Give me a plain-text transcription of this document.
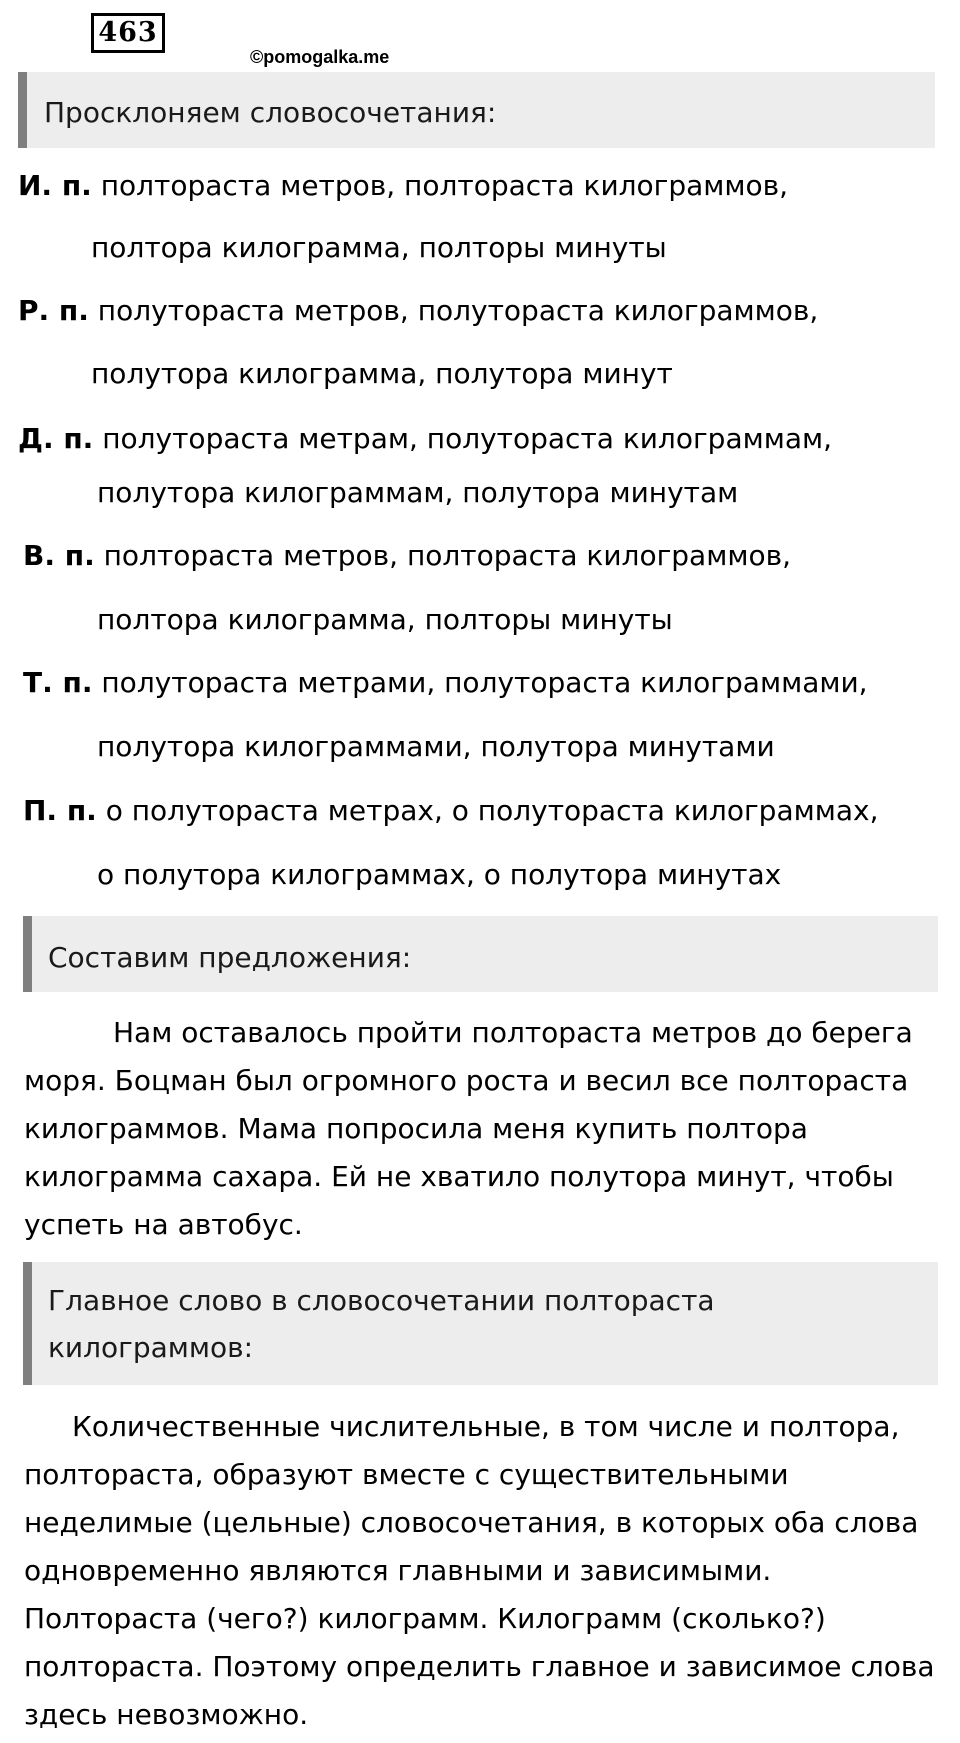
463
©pomogalka.me
Просклоняем словосочетания:
И. п. полтораста метров, полтораста килограммов,
полтора килограмма, полторы минуты
Р. п. полутораста метров, полутораста килограммов,
полутора килограмма, полутора минут
Д. п. полутораста метрам, полутораста килограммам,
полутора килограммам, полутора минутам
В. п. полтораста метров, полтораста килограммов,
полтора килограмма, полторы минуты
Т. п. полутораста метрами, полутораста килограммами,
полутора килограммами, полутора минутами
П. п. о полутораста метрах, о полутораста килограммах,
о полутора килограммах, о полутора минутах
Составим предложения:
Нам оставалось пройти полтораста метров до берега
моря. Боцман был огромного роста и весил все полтораста
килограммов. Мама попросила меня купить полтора
килограмма сахара. Ей не хватило полутора минут, чтобы
успеть на автобус.
Главное слово в словосочетании полтораста
килограммов:
Количественные числительные, в том числе и полтора,
полтораста, образуют вместе с существительными
неделимые (цельные) словосочетания, в которых оба слова
одновременно являются главными и зависимыми.
Полтораста (чего?) килограмм. Килограмм (сколько?)
полтораста. Поэтому определить главное и зависимое слова
здесь невозможно.
